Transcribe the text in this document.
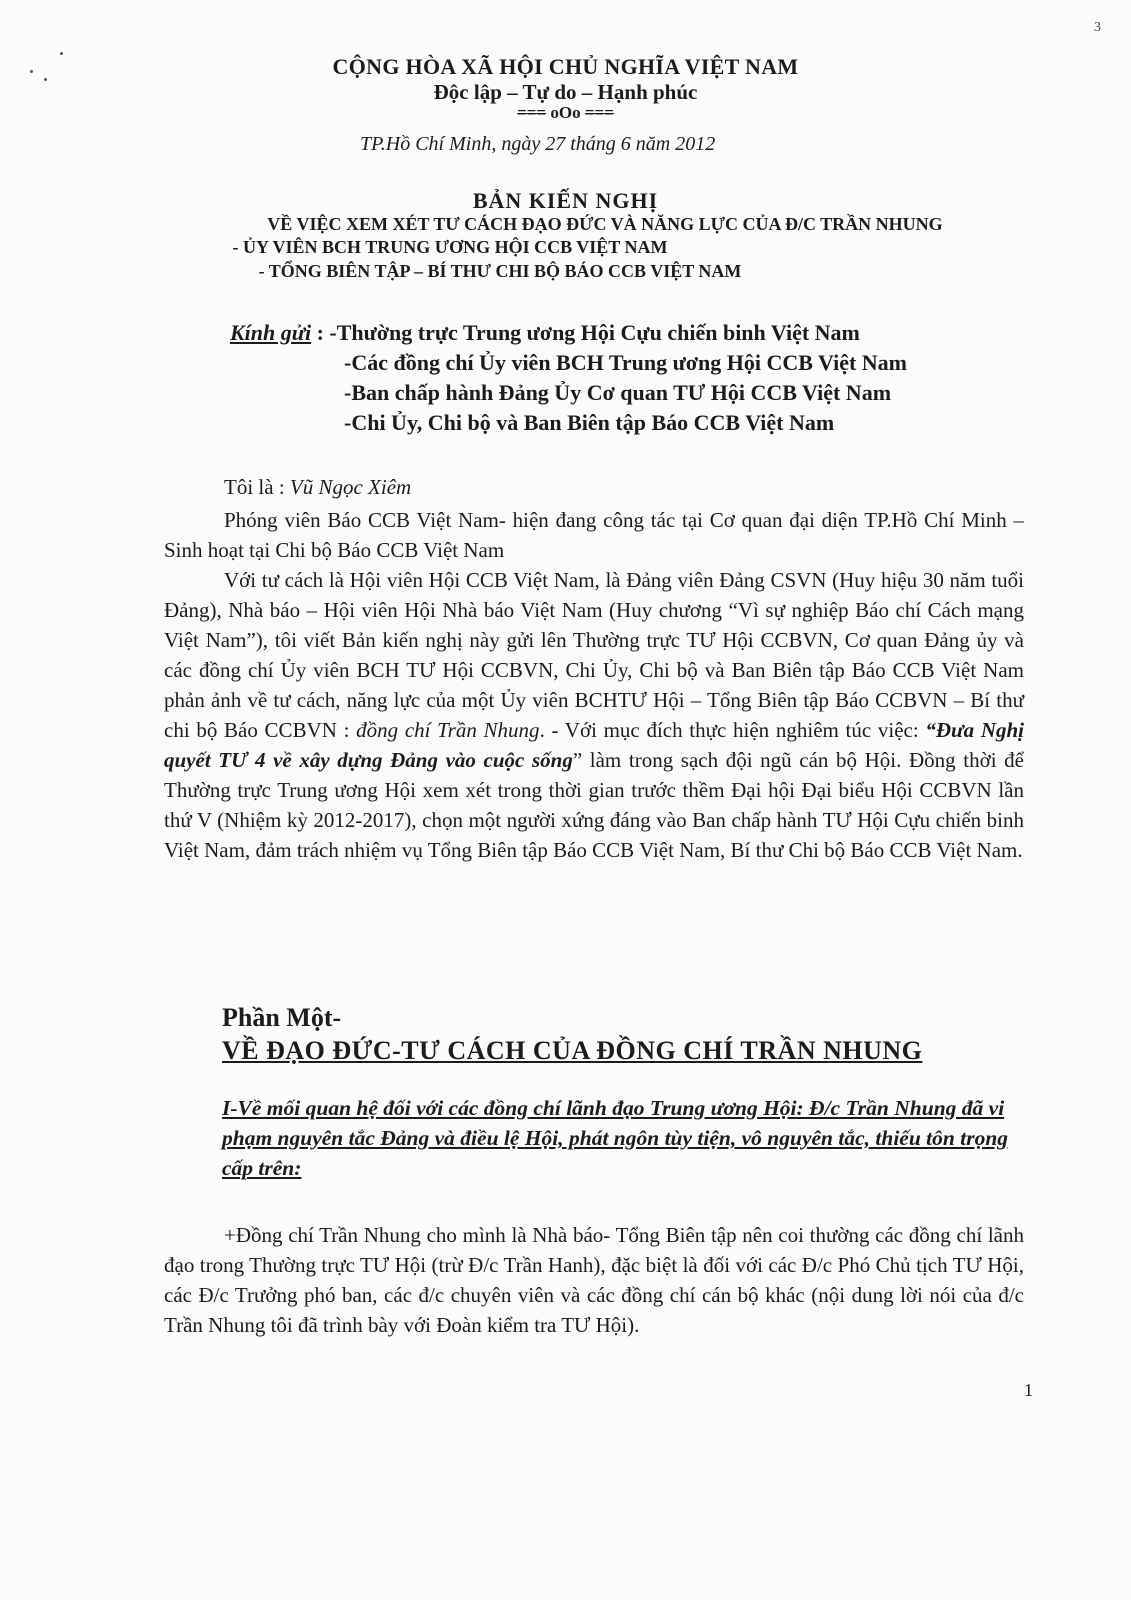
3
CỘNG HÒA XÃ HỘI CHỦ NGHĨA VIỆT NAM
Độc lập – Tự do – Hạnh phúc
=== oOo ===
TP.Hồ Chí Minh, ngày 27 tháng 6 năm 2012
BẢN KIẾN NGHỊ
VỀ VIỆC XEM XÉT TƯ CÁCH ĐẠO ĐỨC VÀ NĂNG LỰC CỦA Đ/C TRẦN NHUNG
- ỦY VIÊN BCH TRUNG ƯƠNG HỘI CCB VIỆT NAM
- TỔNG BIÊN TẬP – BÍ THƯ CHI BỘ BÁO CCB VIỆT NAM
Kính gửi : -Thường trực Trung ương Hội Cựu chiến binh Việt Nam
-Các đồng chí Ủy viên BCH Trung ương Hội CCB Việt Nam
-Ban chấp hành Đảng Ủy Cơ quan TƯ Hội CCB Việt Nam
-Chi Ủy, Chi bộ và Ban Biên tập Báo CCB Việt Nam

Tôi là : Vũ Ngọc Xiêm

Phóng viên Báo CCB Việt Nam- hiện đang công tác tại Cơ quan đại diện TP.Hồ Chí Minh – Sinh hoạt tại Chi bộ Báo CCB Việt Nam

Với tư cách là Hội viên Hội CCB Việt Nam, là Đảng viên Đảng CSVN (Huy hiệu 30 năm tuổi Đảng), Nhà báo – Hội viên Hội Nhà báo Việt Nam (Huy chương “Vì sự nghiệp Báo chí Cách mạng Việt Nam”), tôi viết Bản kiến nghị này gửi lên Thường trực TƯ Hội CCBVN, Cơ quan Đảng ủy và các đồng chí Ủy viên BCH TƯ Hội CCBVN, Chi Ủy, Chi bộ và Ban Biên tập Báo CCB Việt Nam phản ảnh về tư cách, năng lực của một Ủy viên BCHTƯ Hội – Tổng Biên tập Báo CCBVN – Bí thư chi bộ Báo CCBVN : đồng chí Trần Nhung. - Với mục đích thực hiện nghiêm túc việc: “Đưa Nghị quyết TƯ 4 về xây dựng Đảng vào cuộc sống” làm trong sạch đội ngũ cán bộ Hội. Đồng thời để Thường trực Trung ương Hội xem xét trong thời gian trước thềm Đại hội Đại biểu Hội CCBVN lần thứ V (Nhiệm kỳ 2012-2017), chọn một người xứng đáng vào Ban chấp hành TƯ Hội Cựu chiến binh Việt Nam, đảm trách nhiệm vụ Tổng Biên tập Báo CCB Việt Nam, Bí thư Chi bộ Báo CCB Việt Nam.

Phần Một-
VỀ ĐẠO ĐỨC-TƯ CÁCH CỦA ĐỒNG CHÍ TRẦN NHUNG
I-Về mối quan hệ đối với các đồng chí lãnh đạo Trung ương Hội: Đ/c Trần Nhung đã vi phạm nguyên tắc Đảng và điều lệ Hội, phát ngôn tùy tiện, vô nguyên tắc, thiếu tôn trọng cấp trên:

+Đồng chí Trần Nhung cho mình là Nhà báo- Tổng Biên tập nên coi thường các đồng chí lãnh đạo trong Thường trực TƯ Hội (trừ Đ/c Trần Hanh), đặc biệt là đối với các Đ/c Phó Chủ tịch TƯ Hội, các Đ/c Trưởng phó ban, các đ/c chuyên viên và các đồng chí cán bộ khác (nội dung lời nói của đ/c Trần Nhung tôi đã trình bày với Đoàn kiểm tra TƯ Hội).

1
